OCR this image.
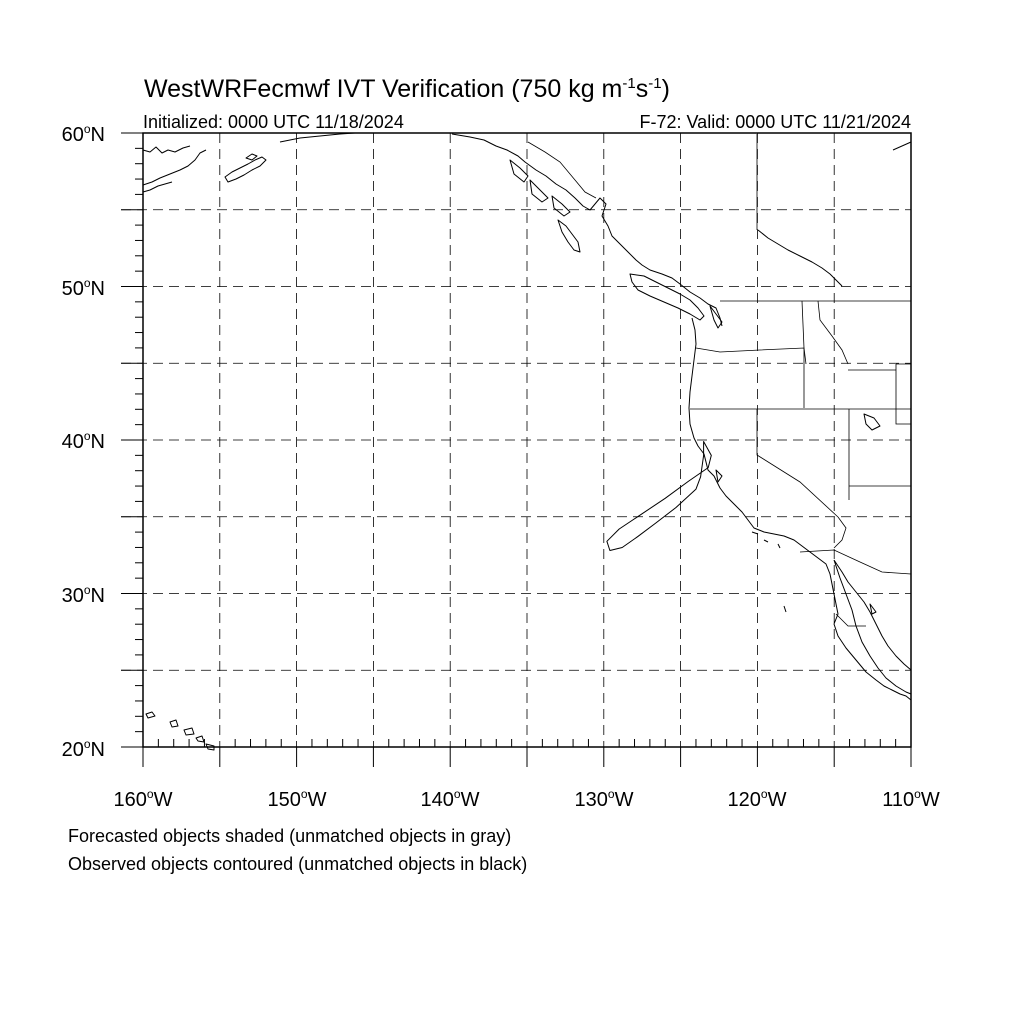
WestWRFecmwf IVT Verification (750 kg $m^{-1}s^{-1}$)
Initialized: 0000 UTC 11/18/2024	F-72: Valid: 0000 UTC 11/21/2024
60$^o$N
50$^o$N
40$^o$N
30$^o$N
20$^o$N
160$^o$W	150$^o$W	140$^o$W	130$^o$W	120$^o$W	110$^o$W
Forecasted objects shaded (unmatched objects in gray)
Observed objects contoured (unmatched objects in black)
